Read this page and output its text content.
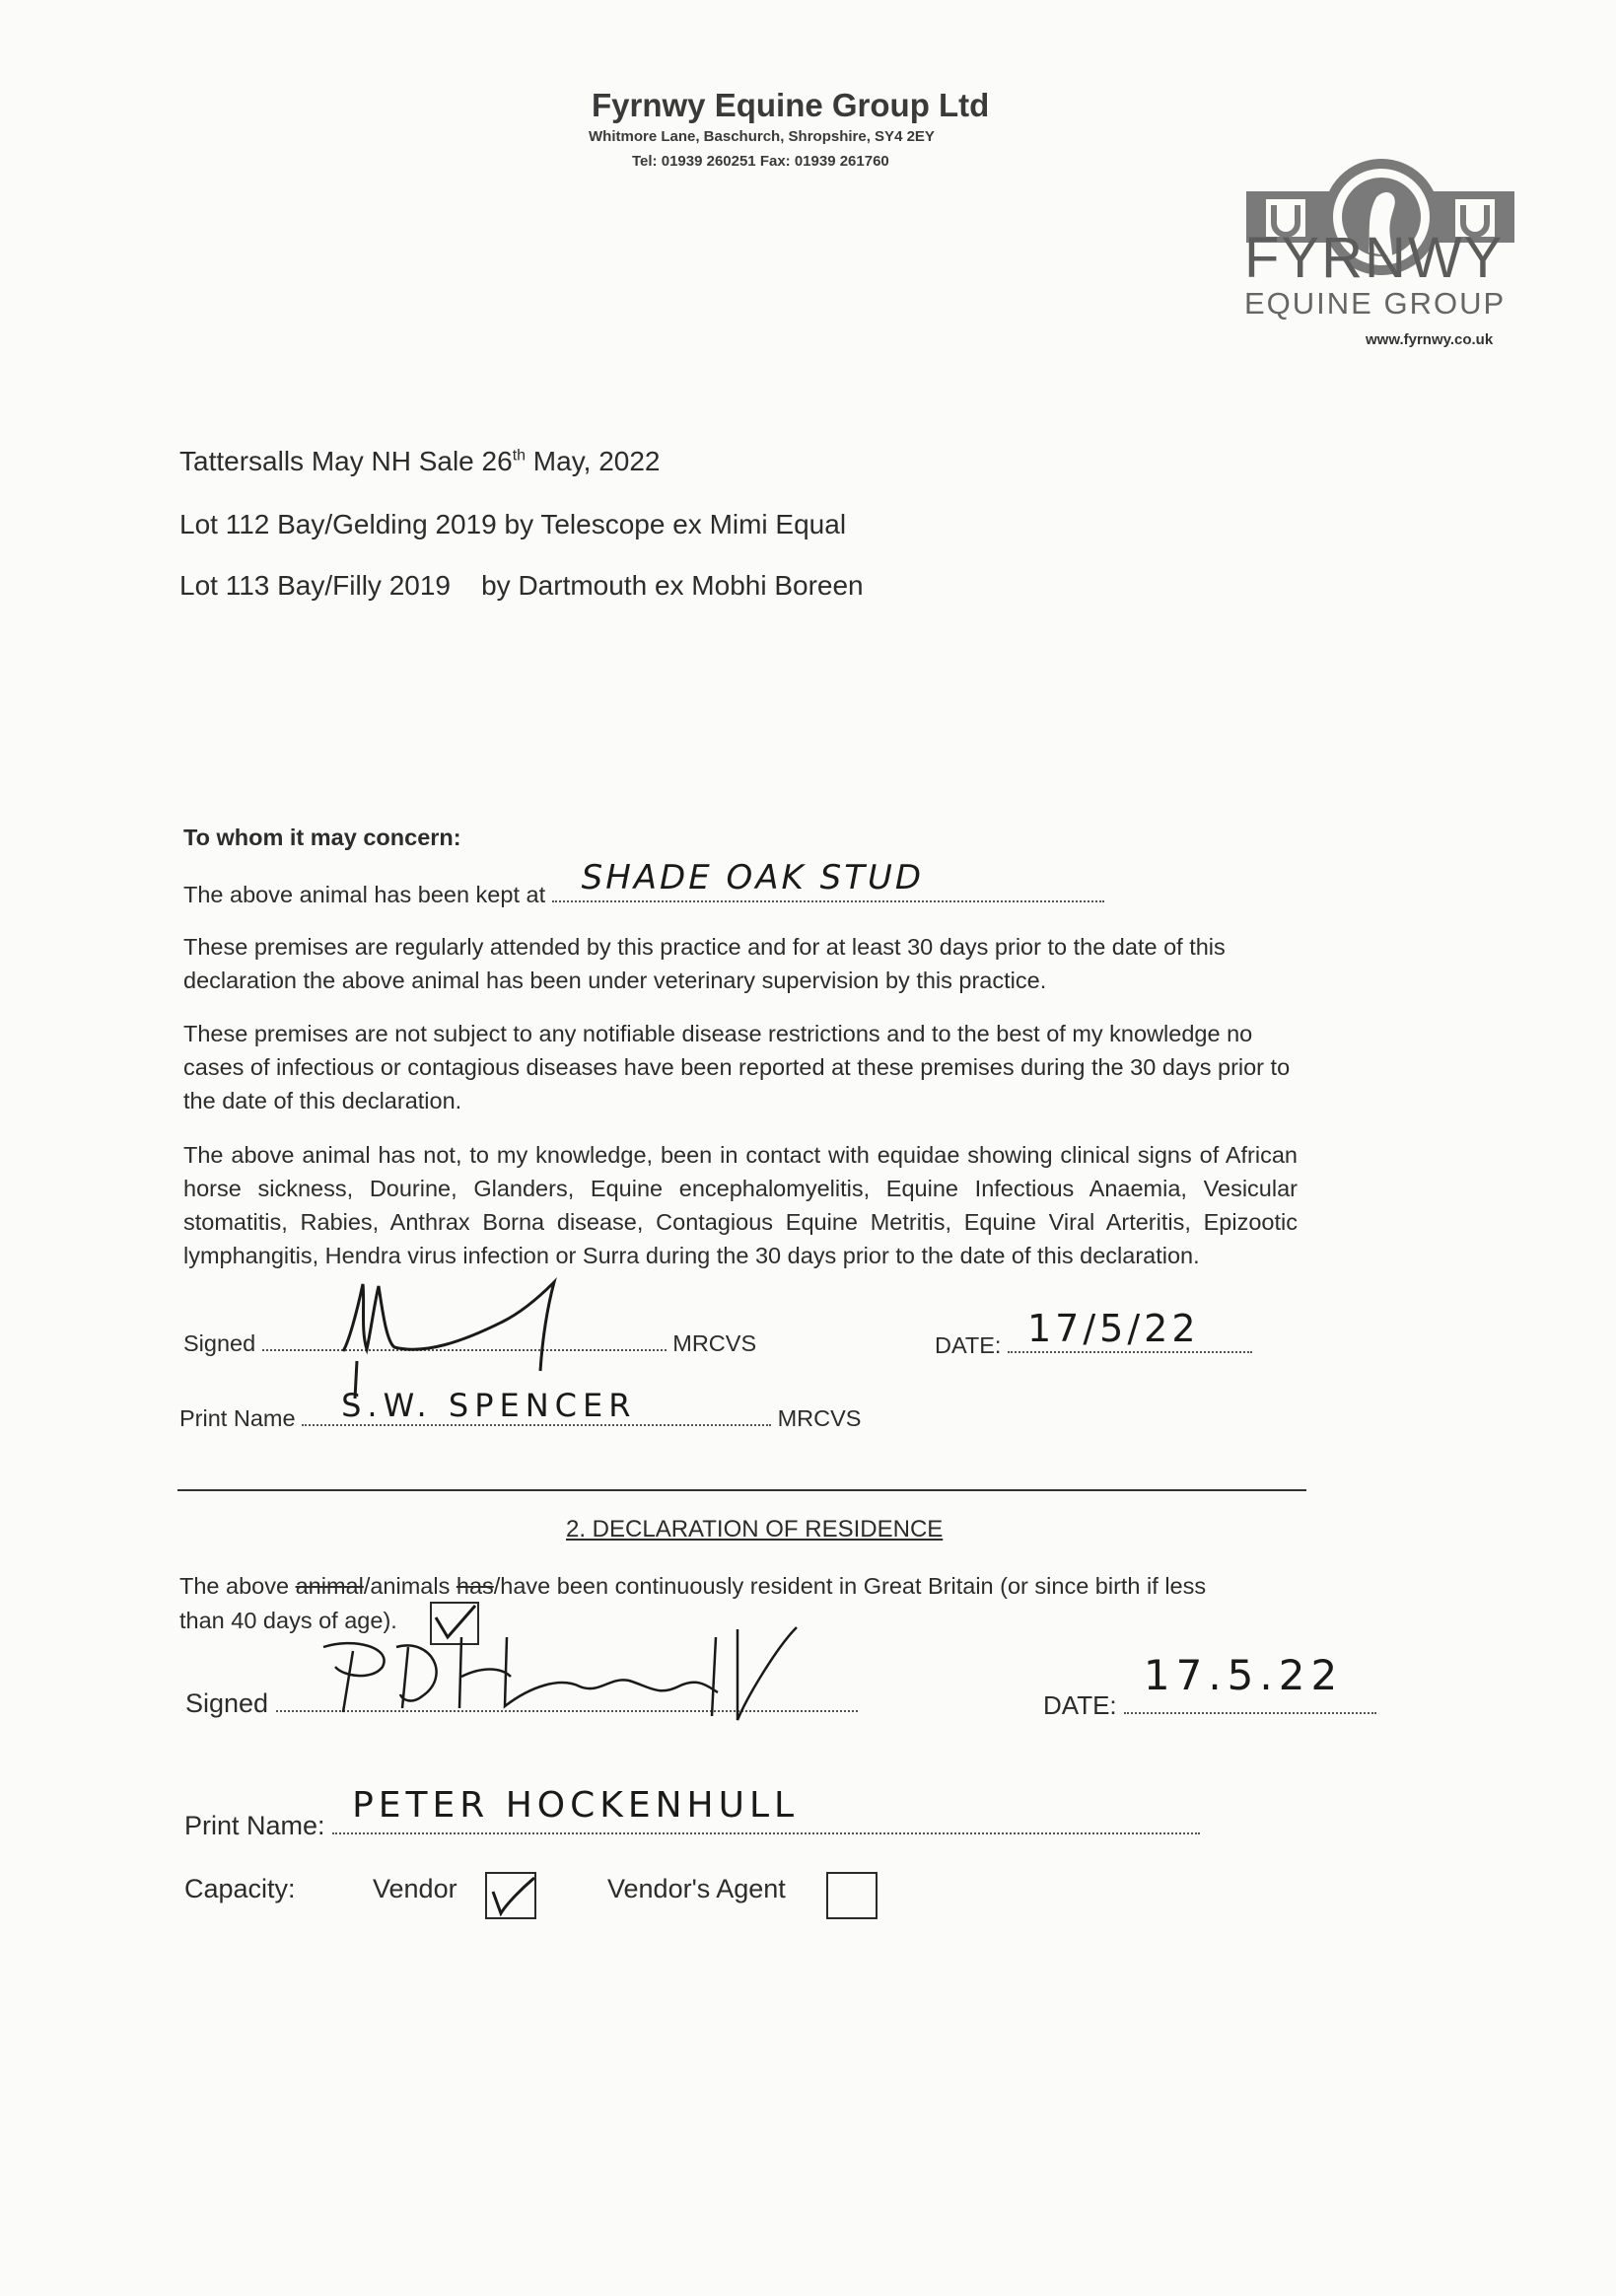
Fyrnwy Equine Group Ltd
Whitmore Lane, Baschurch, Shropshire, SY4 2EY
Tel: 01939 260251 Fax: 01939 261760
FYRNWY
EQUINE GROUP
www.fyrnwy.co.uk
Tattersalls May NH Sale 26th May, 2022
Lot 112 Bay/Gelding 2019 by Telescope ex Mimi Equal
Lot 113 Bay/Filly 2019    by Dartmouth ex Mobhi Boreen
To whom it may concern:
The above animal has been kept at SHADE OAK STUD
These premises are regularly attended by this practice and for at least 30 days prior to the date of this declaration the above animal has been under veterinary supervision by this practice.
These premises are not subject to any notifiable disease restrictions and to the best of my knowledge no cases of infectious or contagious diseases have been reported at these premises during the 30 days prior to the date of this declaration.
The above animal has not, to my knowledge, been in contact with equidae showing clinical signs of African horse sickness, Dourine, Glanders, Equine encephalomyelitis, Equine Infectious Anaemia, Vesicular stomatitis, Rabies, Anthrax Borna disease, Contagious Equine Metritis, Equine Viral Arteritis, Epizootic lymphangitis, Hendra virus infection or Surra during the 30 days prior to the date of this declaration.
Signed	MRCVS	DATE: 17/5/22
Print Name S.W. SPENCER	MRCVS
2. DECLARATION OF RESIDENCE
The above animal/animals has/have been continuously resident in Great Britain (or since birth if less
than 40 days of age).
Signed	DATE:
17.5.22
Print Name: PETER HOCKENHULL
Capacity:	Vendor	Vendor's Agent
